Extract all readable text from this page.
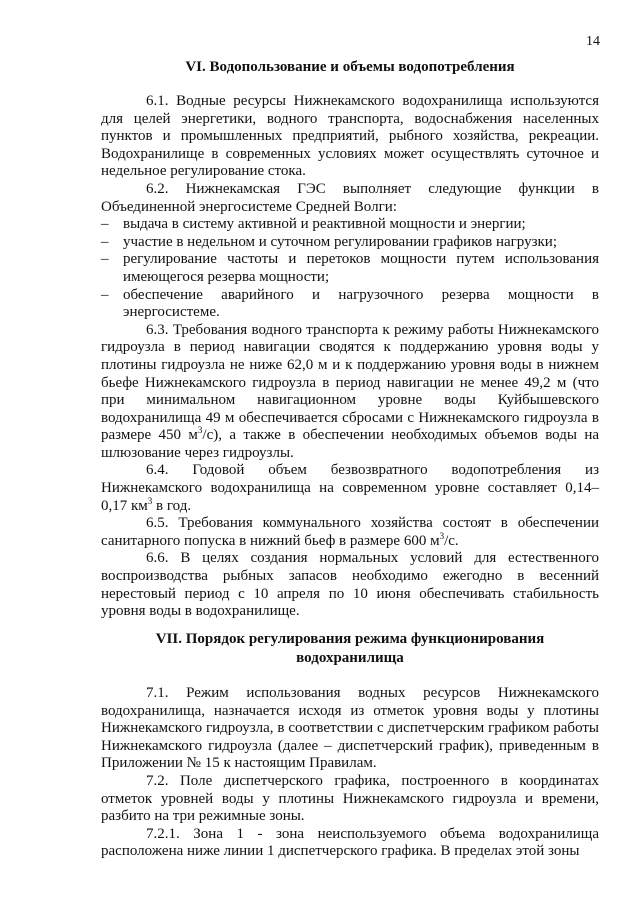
14
VI. Водопользование и объемы водопотребления

6.1. Водные ресурсы Нижнекамского водохранилища используются для целей энергетики, водного транспорта, водоснабжения населенных пунктов и промышленных предприятий, рыбного хозяйства, рекреации. Водохранилище в современных условиях может осуществлять суточное и недельное регулирование стока.

6.2. Нижнекамская ГЭС выполняет следующие функции в Объединенной энергосистеме Средней Волги:

– выдача в систему активной и реактивной мощности и энергии;
– участие в недельном и суточном регулировании графиков нагрузки;
– регулирование частоты и перетоков мощности путем использования имеющегося резерва мощности;
– обеспечение аварийного и нагрузочного резерва мощности в энергосистеме.

6.3. Требования водного транспорта к режиму работы Нижнекамского гидроузла в период навигации сводятся к поддержанию уровня воды у плотины гидроузла не ниже 62,0 м и к поддержанию уровня воды в нижнем бьефе Нижнекамского гидроузла в период навигации не менее 49,2 м (что при минимальном навигационном уровне воды Куйбышевского водохранилища 49 м обеспечивается сбросами с Нижнекамского гидроузла в размере 450 $м^3/с$), а также в обеспечении необходимых объемов воды на шлюзование через гидроузлы.

6.4. Годовой объем безвозвратного водопотребления из Нижнекамского водохранилища на современном уровне составляет 0,14– 0,17 $км^3$ в год.

6.5. Требования коммунального хозяйства состоят в обеспечении санитарного попуска в нижний бьеф в размере 600 $м^3/с$.

6.6. В целях создания нормальных условий для естественного воспроизводства рыбных запасов необходимо ежегодно в весенний нерестовый период с 10 апреля по 10 июня обеспечивать стабильность уровня воды в водохранилище.

VII. Порядок регулирования режима функционирования
водохранилища

7.1. Режим использования водных ресурсов Нижнекамского водохранилища, назначается исходя из отметок уровня воды у плотины Нижнекамского гидроузла, в соответствии с диспетчерским графиком работы Нижнекамского гидроузла (далее – диспетчерский график), приведенным в Приложении № 15 к настоящим Правилам.

7.2. Поле диспетчерского графика, построенного в координатах отметок уровней воды у плотины Нижнекамского гидроузла и времени, разбито на три режимные зоны.

7.2.1. Зона 1 - зона неиспользуемого объема водохранилища расположена ниже линии 1 диспетчерского графика. В пределах этой зоны
